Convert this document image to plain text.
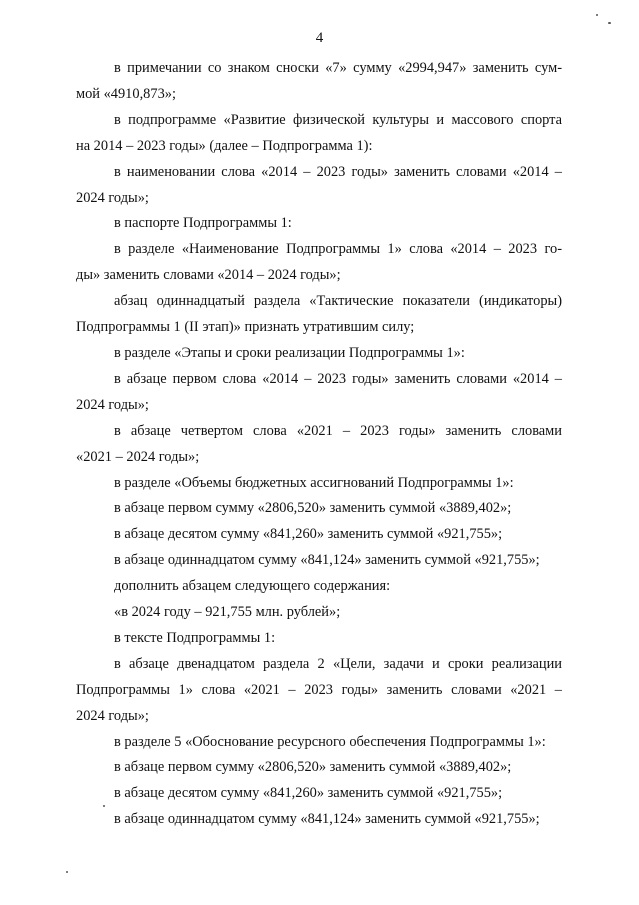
4

в примечании со знаком сноски «7» сумму «2994,947» заменить сум-

мой «4910,873»;

в подпрограмме «Развитие физической культуры и массового спорта

на 2014 – 2023 годы» (далее – Подпрограмма 1):

в наименовании слова «2014 – 2023 годы» заменить словами «2014 –

2024 годы»;

в паспорте Подпрограммы 1:

в разделе «Наименование Подпрограммы 1» слова «2014 – 2023 го-

ды» заменить словами «2014 – 2024 годы»;

абзац одиннадцатый раздела «Тактические показатели (индикаторы)

Подпрограммы 1 (II этап)» признать утратившим силу;

в разделе «Этапы и сроки реализации Подпрограммы 1»:

в абзаце первом слова «2014 – 2023 годы» заменить словами «2014 –

2024 годы»;

в абзаце четвертом слова «2021 – 2023 годы» заменить словами

«2021 – 2024 годы»;

в разделе «Объемы бюджетных ассигнований Подпрограммы 1»:

в абзаце первом сумму «2806,520» заменить суммой «3889,402»;

в абзаце десятом сумму «841,260» заменить суммой «921,755»;

в абзаце одиннадцатом сумму «841,124» заменить суммой «921,755»;

дополнить абзацем следующего содержания:

«в 2024 году – 921,755 млн. рублей»;

в тексте Подпрограммы 1:

в абзаце двенадцатом раздела 2 «Цели, задачи и сроки реализации

Подпрограммы 1» слова «2021 – 2023 годы» заменить словами «2021 –

2024 годы»;

в разделе 5 «Обоснование ресурсного обеспечения Подпрограммы 1»:

в абзаце первом сумму «2806,520» заменить суммой «3889,402»;

в абзаце десятом сумму «841,260» заменить суммой «921,755»;

в абзаце одиннадцатом сумму «841,124» заменить суммой «921,755»;
